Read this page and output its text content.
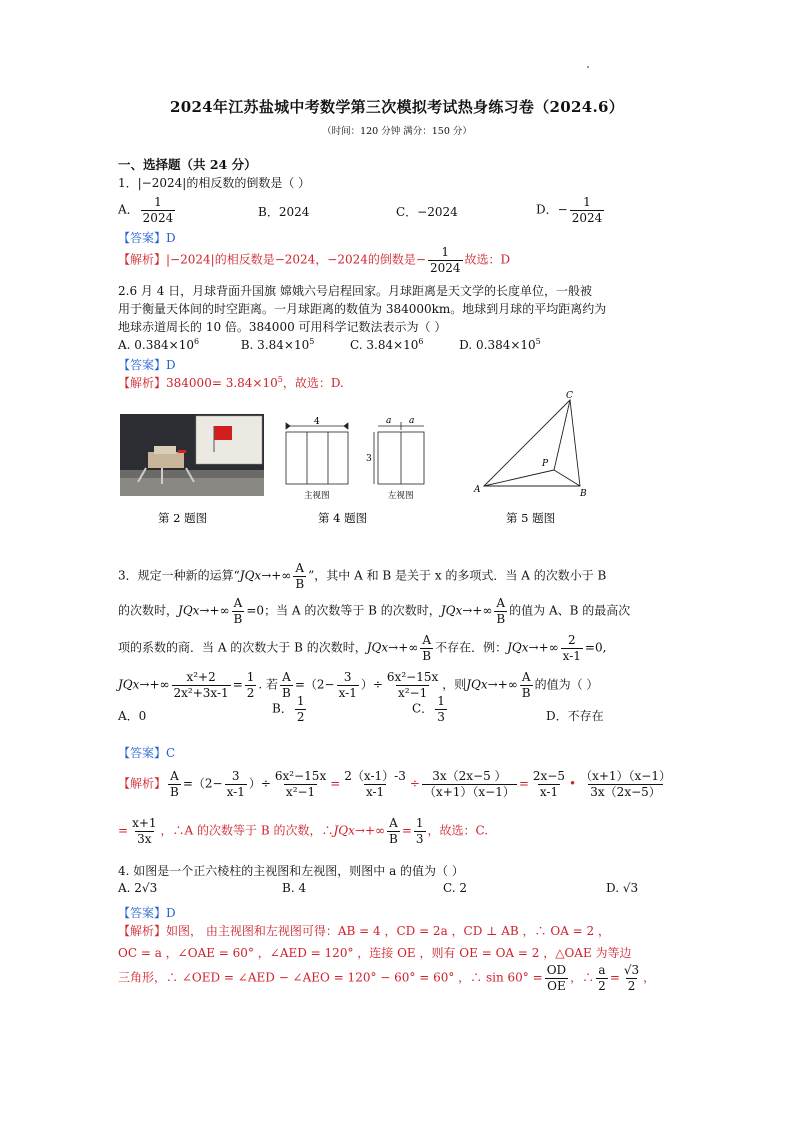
2024年江苏盐城中考数学第三次模拟考试热身练习卷（2024.6）
（时间：120 分钟 满分：150 分）
一、选择题（共 24 分）
1．|−2024|的相反数的倒数是（ ）
A． $\frac{1}{2024}$	B．2024	C．−2024	D．− $\frac{1}{2024}$
【答案】D
【解析】|−2024|的相反数是−2024，−2024的倒数是− $\frac{1}{2024}$ 故选：D
2.6 月 4 日，月球背面升国旗 嫦娥六号启程回家。月球距离是天文学的长度单位，一般被
用于衡量天体间的时空距离。一月球距离的数值为 384000km。地球到月球的平均距离约为
地球赤道周长的 10 倍。384000 可用科学记数法表示为（ ）
A. $0.384\times 10^6$	B. $3.84\times 10^5$	C. $3.84\times 10^6$	D. $0.384\times 10^5$
【答案】D
【解析】$384000= 3.84\times 10^5$，故选：D.
第 2 题图
4
3
a a
主视图	左视图
第 4 题图
A	B
C
P
第 5 题图
3．规定一种新的运算“$JQx\to+\infty \frac{A}{B}$ ”，其中 A 和 B 是关于 x 的多项式．当 A 的次数小于 B
的次数时，$JQx\to+\infty \frac{A}{B} =0$；当 A 的次数等于 B 的次数时，$JQx\to+\infty \frac{A}{B}$ 的值为 A、B 的最高次
项的系数的商．当 A 的次数大于 B 的次数时，$JQx\to+\infty \frac{A}{B}$ 不存在．例：$JQx\to+\infty \frac{2}{x-1} =0$,
$JQx\to+\infty \frac{\text{x²+2}}{\text{2x²+3x-1}} = \frac{1}{2}$ . 若 $\frac{A}{B} =(2- \frac{3}{x-1}$ ）÷ $\frac{\text{6x²−15x}}{\text{x²−1}}$ ，则$JQx\to+\infty \frac{A}{B}$ 的值为（ ）
A．0
B． $\frac{1}{2}$	C． $\frac{1}{3}$	D．不存在
【答案】C
【解析】 $\frac{A}{B} =(2- \frac{3}{x-1}$ ）÷ $\frac{\text{6x²−15x}}{\text{x²−1}} = \frac{2(x-1)-3}{x-1} \div \frac{3x(2x-5 )}{(x+1)(x-1)} = \frac{2x-5}{x-1}$ • $\frac{(x+1)(x-1)}{3x(2x-5)}$
= $\frac{x+1}{3x}$ ，∴A 的次数等于 B 的次数，∴JQx→+∞ $\frac{A}{B} = \frac{1}{3}$ ，故选：C.
4. 如图是一个正六棱柱的主视图和左视图，则图中 a 的值为（ ）
A. 2√3	B. 4	C. 2	D. √3
【答案】D
【解析】如图， 由主视图和左视图可得：AB = 4 ，CD = 2a ，CD ⊥ AB ，∴ OA = 2 ，
OC = a ，∠OAE = 60° ，∠AED = 120° ，连接 OE ，则有 OE = OA = 2 ，△OAE 为等边
三角形，∴ ∠OED = ∠AED − ∠AEO = 120° − 60° = 60° ，∴ $\sin 60^\circ = \frac{OD}{OE}$ ，∴ $\frac{a}{2} = \frac{√3}{2}$ ，
